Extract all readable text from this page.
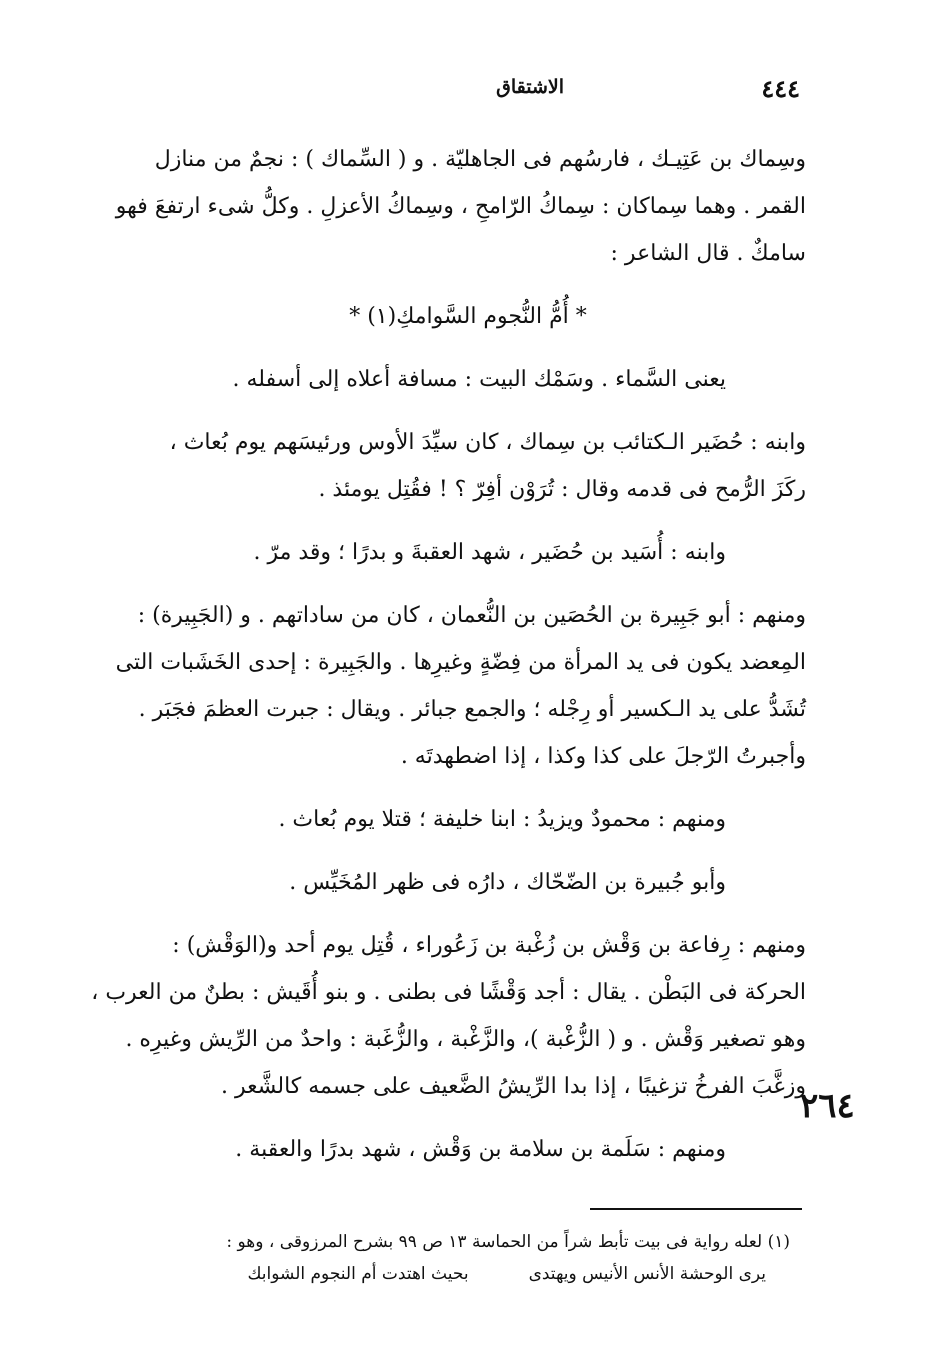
٤٤٤
الاشتقاق
وسِماك بن عَتِيـك ، فارسُهم فى الجاهليّة . و ( السِّماك ) : نجمٌ من منازل
القمر . وهما سِماكان : سِماكُ الرّامحِ ، وسِماكُ الأعزلِ . وكلُّ شىء ارتفعَ فهو
سامكٌ . قال الشاعر :
* أُمُّ النُّجوم السَّوامكِ(١) *
يعنى السَّماء . وسَمْك البيت : مسافة أعلاه إلى أسفله .
وابنه : حُضَير الـكتائب بن سِماك ، كان سيِّدَ الأوس ورئيسَهم يوم بُعاث ،
ركَزَ الرُّمح فى قدمه وقال : تُرَوْن أفِرّ ؟ ! فقُتِل يومئذ .
وابنه : أُسَيد بن حُضَير ، شهد العقبةَ و بدرًا ؛ وقد مرّ .
ومنهم : أبو جَبِيرة بن الحُصَين بن النُّعمان ، كان من ساداتهم . و (الجَبِيرة) :
المِعضد يكون فى يد المرأة من فِضّةٍ وغيرِها . والجَبِيرة : إحدى الخَشَبات التى
تُشَدُّ على يد الـكسير أو رِجْله ؛ والجمع جبائر . ويقال : جبرت العظمَ فجَبَر .
وأجبرتُ الرّجلَ على كذا وكذا ، إذا اضطهدتَه .
ومنهم : محمودٌ ويزيدُ : ابنا خليفة ؛ قتلا يوم بُعاث .
وأبو جُبيرة بن الضّحّاك ، دارُه فى ظهر المُخَيِّس .
ومنهم : رِفاعة بن وَقْش بن زُغْبة بن زَعُوراء ، قُتِل يوم أحد و(الوَقْش) :
الحركة فى البَطْن . يقال : أجد وَقْشًا فى بطنى . و بنو أُقَيش : بطنٌ من العرب ،
وهو تصغير وَقْش . و ( الزُّغْبة )، والزَّغْبة ، والزُّغَبة : واحدٌ من الرِّيش وغيرِه .
وزغَّبَ الفرخُ تزغيبًا ، إذا بدا الرِّيشُ الضَّعيف على جسمه كالشَّعر .
ومنهم : سَلَمة بن سلامة بن وَقْش ، شهد بدرًا والعقبة .
٢٦٤
(١) لعله رواية فى بيت تأبط شراً من الحماسة ١٣ ص ٩٩ بشرح المرزوقى ، وهو :
يرى الوحشة الأنس الأنيس ويهتدى
بحيث اهتدت أم النجوم الشوابك
